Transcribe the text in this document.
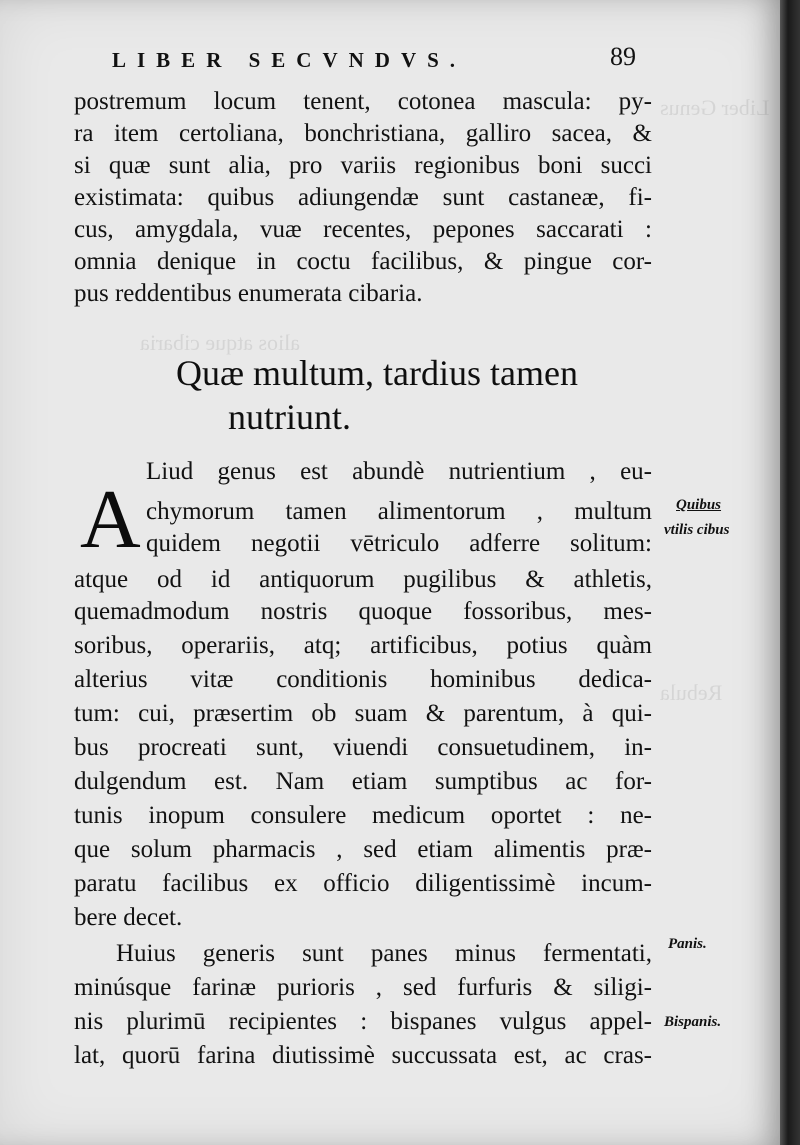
Liber Genus
alios atque cibaria
Rebula
LIBER SECVNDVS.	89
postremum locum tenent, cotonea mascula: py-
ra item certoliana, bonchristiana, galliro sacea, &
si quæ sunt alia, pro variis regionibus boni succi
existimata: quibus adiungendæ sunt castaneæ, fi-
cus, amygdala, vuæ recentes, pepones saccarati :
omnia denique in coctu facilibus, & pingue cor-
pus reddentibus enumerata cibaria.
Quæ multum, tardius tamen
nutriunt.
A
Liud genus est abundè nutrientium , eu-
chymorum tamen alimentorum , multum
quidem negotii vētriculo adferre solitum:
atque od id antiquorum pugilibus & athletis,
quemadmodum nostris quoque fossoribus, mes-
soribus, operariis, atq; artificibus, potius quàm
alterius vitæ conditionis hominibus dedica-
tum: cui, præsertim ob suam & parentum, à qui-
bus procreati sunt, viuendi consuetudinem, in-
dulgendum est. Nam etiam sumptibus ac for-
tunis inopum consulere medicum oportet : ne-
que solum pharmacis , sed etiam alimentis præ-
paratu facilibus ex officio diligentissimè incum-
bere decet.
Huius generis sunt panes minus fermentati,
minúsque farinæ purioris , sed furfuris & siligi-
nis plurimū recipientes : bispanes vulgus appel-
lat, quorū farina diutissimè succussata est, ac cras-
Quibus
vtilis cibus
Panis.
Bispanis.
